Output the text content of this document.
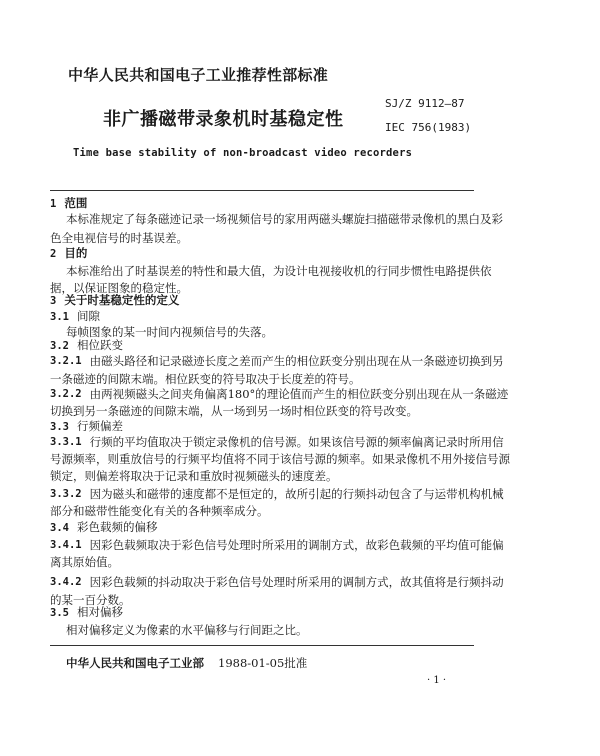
中华人民共和国电子工业推荐性部标准
非广播磁带录象机时基稳定性
SJ/Z 9112—87
IEC 756(1983)
Time base stability of non-broadcast video recorders
1 范围
本标准规定了每条磁迹记录一场视频信号的家用两磁头螺旋扫描磁带录像机的黑白及彩
色全电视信号的时基误差。
2 目的
本标准给出了时基误差的特性和最大值，为设计电视接收机的行同步惯性电路提供依
据，以保证图象的稳定性。
3 关于时基稳定性的定义
3.1 间隙
每帧图象的某一时间内视频信号的失落。
3.2 相位跃变
3.2.1 由磁头路径和记录磁迹长度之差而产生的相位跃变分别出现在从一条磁迹切换到另
一条磁迹的间隙末端。相位跃变的符号取决于长度差的符号。
3.2.2 由两视频磁头之间夹角偏离180°的理论值而产生的相位跃变分别出现在从一条磁迹
切换到另一条磁迹的间隙末端，从一场到另一场时相位跃变的符号改变。
3.3 行频偏差
3.3.1 行频的平均值取决于锁定录像机的信号源。如果该信号源的频率偏离记录时所用信
号源频率，则重放信号的行频平均值将不同于该信号源的频率。如果录像机不用外接信号源
锁定，则偏差将取决于记录和重放时视频磁头的速度差。
3.3.2 因为磁头和磁带的速度都不是恒定的，故所引起的行频抖动包含了与运带机构机械
部分和磁带性能变化有关的各种频率成分。
3.4 彩色载频的偏移
3.4.1 因彩色载频取决于彩色信号处理时所采用的调制方式，故彩色载频的平均值可能偏
离其原始值。
3.4.2 因彩色载频的抖动取决于彩色信号处理时所采用的调制方式，故其值将是行频抖动
的某一百分数。
3.5 相对偏移
相对偏移定义为像素的水平偏移与行间距之比。
中华人民共和国电子工业部 1988-01-05批准
· 1 ·
